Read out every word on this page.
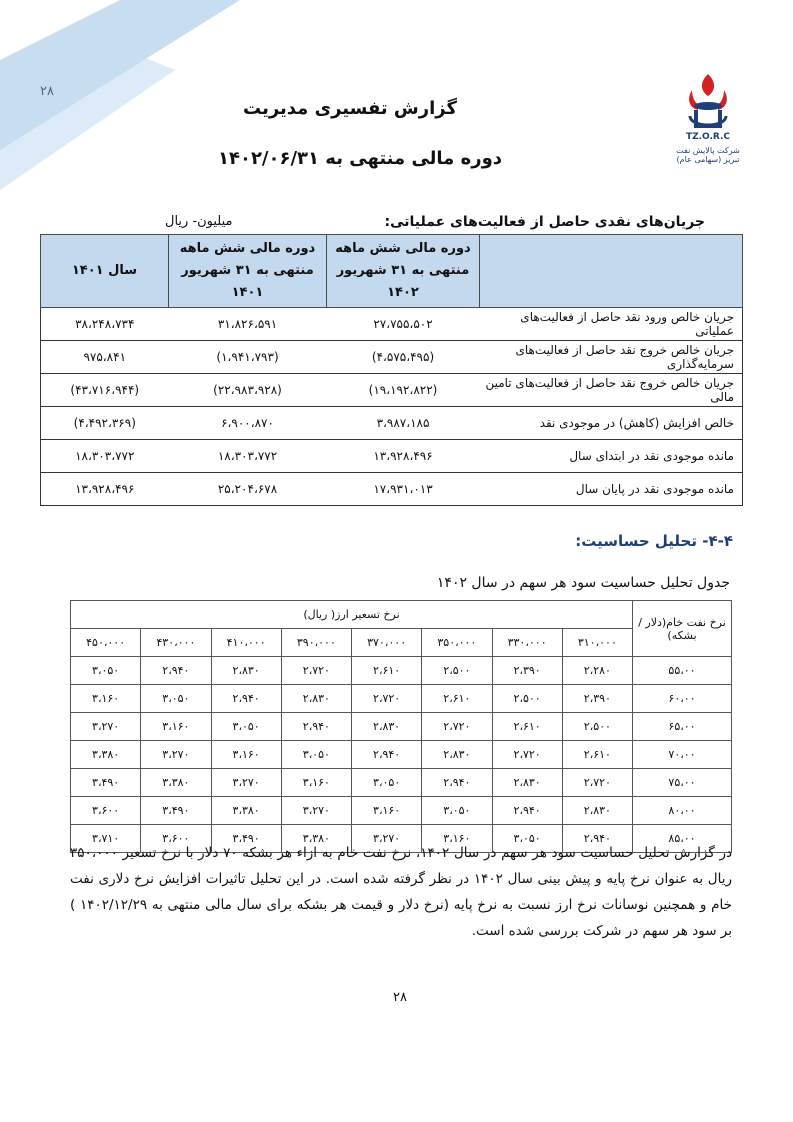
۲۸
TZ.O.R.C
شرکت پالایش نفت تبریز (سهامی عام)
گزارش تفسیری مدیریت
دوره مالی منتهی به ۱۴۰۲/۰۶/۳۱
جریان‌های نقدی حاصل از فعالیت‌های عملیاتی:
میلیون- ریال
	دوره مالی شش ماهه منتهی به ۳۱ شهریور ۱۴۰۲	دوره مالی شش ماهه منتهی به ۳۱ شهریور ۱۴۰۱	سال ۱۴۰۱
جریان خالص ورود نقد حاصل از فعالیت‌های عملیاتی	۲۷،۷۵۵،۵۰۲	۳۱،۸۲۶،۵۹۱	۳۸،۲۴۸،۷۳۴
جریان خالص خروج نقد حاصل از فعالیت‌های سرمایه‌گذاری	(۴،۵۷۵،۴۹۵)	(۱،۹۴۱،۷۹۳)	۹۷۵،۸۴۱
جریان خالص خروج نقد حاصل از فعالیت‌های تامین مالی	(۱۹،۱۹۲،۸۲۲)	(۲۲،۹۸۳،۹۲۸)	(۴۳،۷۱۶،۹۴۴)
خالص افزایش (کاهش) در موجودی نقد	۳،۹۸۷،۱۸۵	۶،۹۰۰،۸۷۰	(۴،۴۹۲،۳۶۹)
مانده موجودی نقد در ابتدای سال	۱۳،۹۲۸،۴۹۶	۱۸،۳۰۳،۷۷۲	۱۸،۳۰۳،۷۷۲
مانده موجودی نقد در پایان سال	۱۷،۹۳۱،۰۱۳	۲۵،۲۰۴،۶۷۸	۱۳،۹۲۸،۴۹۶
۴-۴- تحلیل حساسیت:
جدول تحلیل حساسیت سود هر سهم در سال ۱۴۰۲
نرخ نفت خام(دلار /بشکه)	نرخ تسعیر ارز( ریال)							
	۳۱۰،۰۰۰	۳۳۰،۰۰۰	۳۵۰،۰۰۰	۳۷۰،۰۰۰	۳۹۰،۰۰۰	۴۱۰،۰۰۰	۴۳۰،۰۰۰	۴۵۰،۰۰۰
۵۵،۰۰	۲،۲۸۰	۲،۳۹۰	۲،۵۰۰	۲،۶۱۰	۲،۷۲۰	۲،۸۳۰	۲،۹۴۰	۳،۰۵۰
۶۰،۰۰	۲،۳۹۰	۲،۵۰۰	۲،۶۱۰	۲،۷۲۰	۲،۸۳۰	۲،۹۴۰	۳،۰۵۰	۳،۱۶۰
۶۵،۰۰	۲،۵۰۰	۲،۶۱۰	۲،۷۲۰	۲،۸۳۰	۲،۹۴۰	۳،۰۵۰	۳،۱۶۰	۳،۲۷۰
۷۰،۰۰	۲،۶۱۰	۲،۷۲۰	۲،۸۳۰	۲،۹۴۰	۳،۰۵۰	۳،۱۶۰	۳،۲۷۰	۳،۳۸۰
۷۵،۰۰	۲،۷۲۰	۲،۸۳۰	۲،۹۴۰	۳،۰۵۰	۳،۱۶۰	۳،۲۷۰	۳،۳۸۰	۳،۴۹۰
۸۰،۰۰	۲،۸۳۰	۲،۹۴۰	۳،۰۵۰	۳،۱۶۰	۳،۲۷۰	۳،۳۸۰	۳،۴۹۰	۳،۶۰۰
۸۵،۰۰	۲،۹۴۰	۳،۰۵۰	۳،۱۶۰	۳،۲۷۰	۳،۳۸۰	۳،۴۹۰	۳،۶۰۰	۳،۷۱۰
در گزارش تحلیل حساسیت سود هر سهم در سال ۱۴۰۲، نرخ نفت خام به ازاء هر بشکه ۷۰ دلار با نرخ تسعیر ۳۵۰،۰۰۰ ریال به عنوان نرخ پایه و پیش بینی سال ۱۴۰۲ در نظر گرفته شده است. در این تحلیل تاثیرات افزایش نرخ دلاری نفت خام و همچنین نوسانات نرخ ارز نسبت به نرخ پایه (نرخ دلار و قیمت هر بشکه برای سال مالی منتهی به ۱۴۰۲/۱۲/۲۹ ) بر سود هر سهم در شرکت بررسی شده است.
۲۸
